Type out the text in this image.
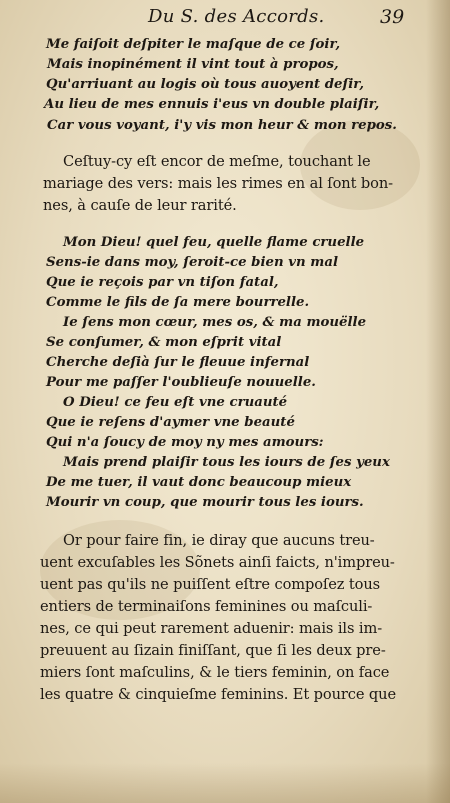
Du S. des Accords.	39
Me faiſoit deſpiter le maſque de ce ſoir,
Mais inopinément il vint tout à propos,
Qu'arriuant au logis où tous auoyent deſir,
Au lieu de mes ennuis i'eus vn double plaiſir,
Car vous voyant, i'y vis mon heur & mon repos.
Ceſtuy-cy eſt encor de meſme, touchant le
mariage des vers: mais les rimes en al ſont bon-
nes, à cauſe de leur rarité.
Mon Dieu! quel feu, quelle flame cruelle
Sens-ie dans moy, ſeroit-ce bien vn mal
Que ie reçois par vn tiſon fatal,
Comme le fils de ſa mere bourrelle.
Ie ſens mon cœur, mes os, & ma mouëlle
Se conſumer, & mon eſprit vital
Cherche deſià ſur le fleuue infernal
Pour me paſſer l'oublieuſe nouuelle.
O Dieu! ce feu eſt vne cruauté
Que ie reſens d'aymer vne beauté
Qui n'a ſoucy de moy ny mes amours:
Mais prend plaiſir tous les iours de ſes yeux
De me tuer, il vaut donc beaucoup mieux
Mourir vn coup, que mourir tous les iours.
Or pour faire fin, ie diray que aucuns treu-
uent excuſables les Sõnets ainſi faicts, n'impreu-
uent pas qu'ils ne puiſſent eſtre compoſez tous
entiers de terminaiſons feminines ou maſculi-
nes, ce qui peut rarement aduenir: mais ils im-
preuuent au ſizain finiſſant, que ſi les deux pre-
miers ſont maſculins, & le tiers feminin, on face
les quatre & cinquieſme feminins. Et pource que
